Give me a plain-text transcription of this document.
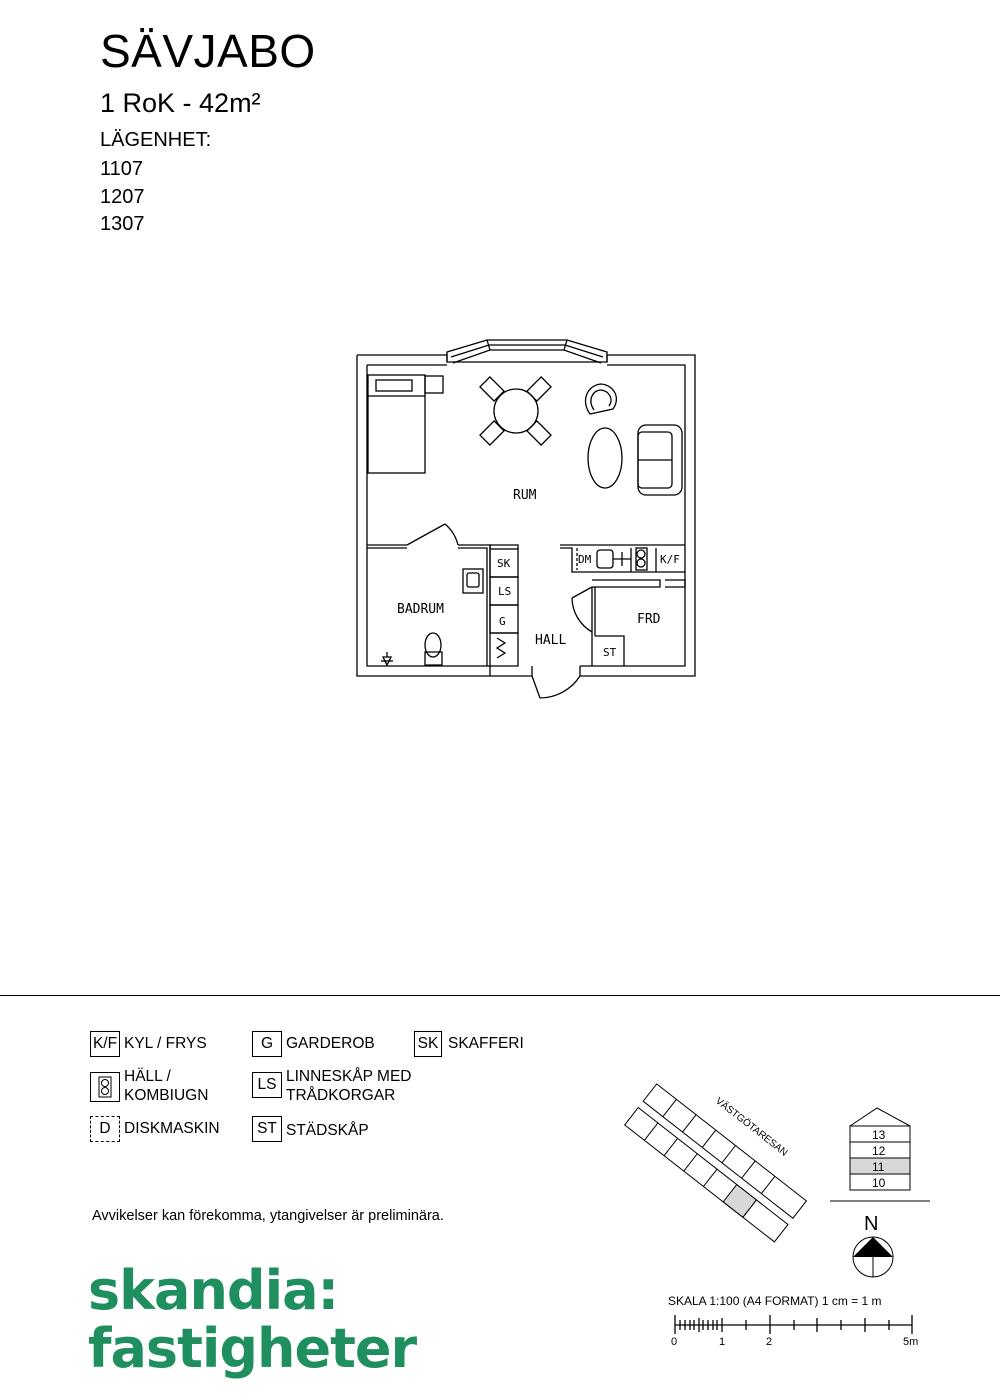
SÄVJABO
1 RoK - 42m²
LÄGENHET:
1107
1207
1307
RUM
BADRUM
HALL
FRD
SK
LS
G
ST
DM	K/F
K/F KYL / FRYS
HÄLL /
KOMBIUGN
D DISKMASKIN
G GARDEROB
LS LINNESKÅP MED
TRÅDKORGAR
ST STÄDSKÅP
SK SKAFFERI
Avvikelser kan förekomma, ytangivelser är preliminära.
skandia:
fastigheter
VÄSTGÖTARESAN	13
12
11
10
N
SKALA 1:100 (A4 FORMAT) 1 cm = 1 m
0	1	2	5m
